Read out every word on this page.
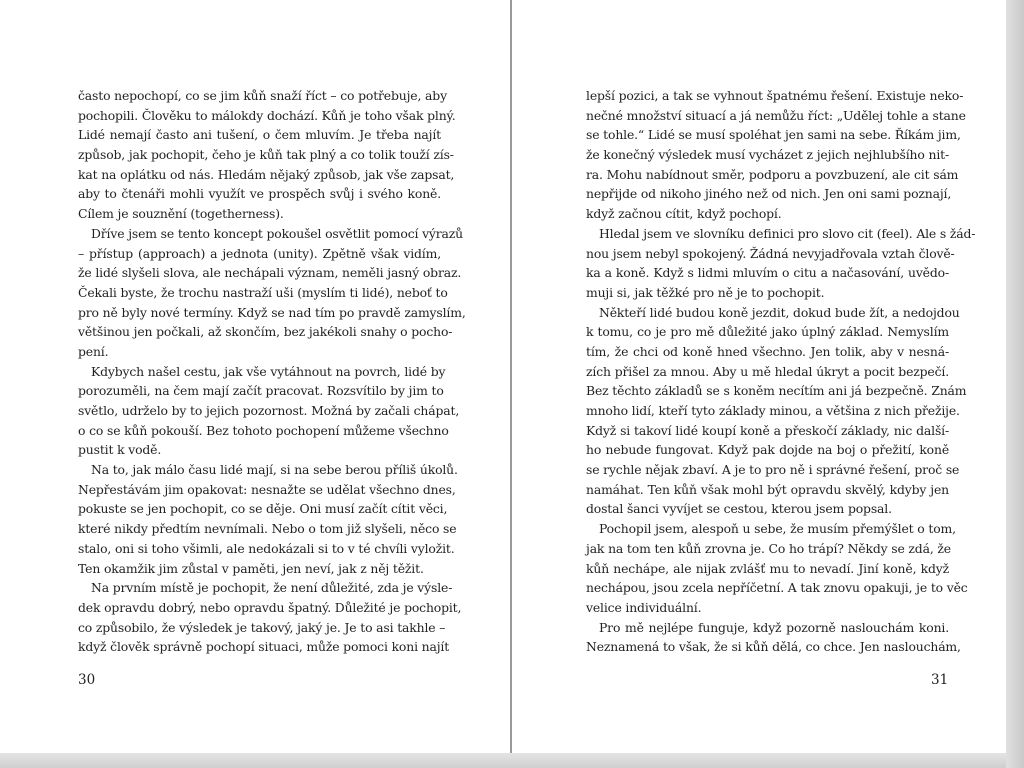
často nepochopí, co se jim kůň snaží říct – co potřebuje, aby
pochopili. Člověku to málokdy dochází. Kůň je toho však plný.
Lidé nemají často ani tušení, o čem mluvím. Je třeba najít
způsob, jak pochopit, čeho je kůň tak plný a co tolik touží zís-
kat na oplátku od nás. Hledám nějaký způsob, jak vše zapsat,
aby to čtenáři mohli využít ve prospěch svůj i svého koně.
Cílem je souznění (togetherness).
Dříve jsem se tento koncept pokoušel osvětlit pomocí výrazů
– přístup (approach) a jednota (unity). Zpětně však vidím,
že lidé slyšeli slova, ale nechápali význam, neměli jasný obraz.
Čekali byste, že trochu nastraží uši (myslím ti lidé), neboť to
pro ně byly nové termíny. Když se nad tím po pravdě zamyslím,
většinou jen počkali, až skončím, bez jakékoli snahy o pocho-
pení.
Kdybych našel cestu, jak vše vytáhnout na povrch, lidé by
porozuměli, na čem mají začít pracovat. Rozsvítilo by jim to
světlo, udrželo by to jejich pozornost. Možná by začali chápat,
o co se kůň pokouší. Bez tohoto pochopení můžeme všechno
pustit k vodě.
Na to, jak málo času lidé mají, si na sebe berou příliš úkolů.
Nepřestávám jim opakovat: nesnažte se udělat všechno dnes,
pokuste se jen pochopit, co se děje. Oni musí začít cítit věci,
které nikdy předtím nevnímali. Nebo o tom již slyšeli, něco se
stalo, oni si toho všimli, ale nedokázali si to v té chvíli vyložit.
Ten okamžik jim zůstal v paměti, jen neví, jak z něj těžit.
Na prvním místě je pochopit, že není důležité, zda je výsle-
dek opravdu dobrý, nebo opravdu špatný. Důležité je pochopit,
co způsobilo, že výsledek je takový, jaký je. Je to asi takhle –
když člověk správně pochopí situaci, může pomoci koni najít
lepší pozici, a tak se vyhnout špatnému řešení. Existuje neko-
nečné množství situací a já nemůžu říct: „Udělej tohle a stane
se tohle.“ Lidé se musí spoléhat jen sami na sebe. Říkám jim,
že konečný výsledek musí vycházet z jejich nejhlubšího nit-
ra. Mohu nabídnout směr, podporu a povzbuzení, ale cit sám
nepřijde od nikoho jiného než od nich. Jen oni sami poznají,
když začnou cítit, když pochopí.
Hledal jsem ve slovníku definici pro slovo cit (feel). Ale s žád-
nou jsem nebyl spokojený. Žádná nevyjadřovala vztah člově-
ka a koně. Když s lidmi mluvím o citu a načasování, uvědo-
muji si, jak těžké pro ně je to pochopit.
Někteří lidé budou koně jezdit, dokud bude žít, a nedojdou
k tomu, co je pro mě důležité jako úplný základ. Nemyslím
tím, že chci od koně hned všechno. Jen tolik, aby v nesná-
zích přišel za mnou. Aby u mě hledal úkryt a pocit bezpečí.
Bez těchto základů se s koněm necítím ani já bezpečně. Znám
mnoho lidí, kteří tyto základy minou, a většina z nich přežije.
Když si takoví lidé koupí koně a přeskočí základy, nic další-
ho nebude fungovat. Když pak dojde na boj o přežití, koně
se rychle nějak zbaví. A je to pro ně i správné řešení, proč se
namáhat. Ten kůň však mohl být opravdu skvělý, kdyby jen
dostal šanci vyvíjet se cestou, kterou jsem popsal.
Pochopil jsem, alespoň u sebe, že musím přemýšlet o tom,
jak na tom ten kůň zrovna je. Co ho trápí? Někdy se zdá, že
kůň nechápe, ale nijak zvlášť mu to nevadí. Jiní koně, když
nechápou, jsou zcela nepříčetní. A tak znovu opakuji, je to věc
velice individuální.
Pro mě nejlépe funguje, když pozorně naslouchám koni.
Neznamená to však, že si kůň dělá, co chce. Jen naslouchám,
30	31
